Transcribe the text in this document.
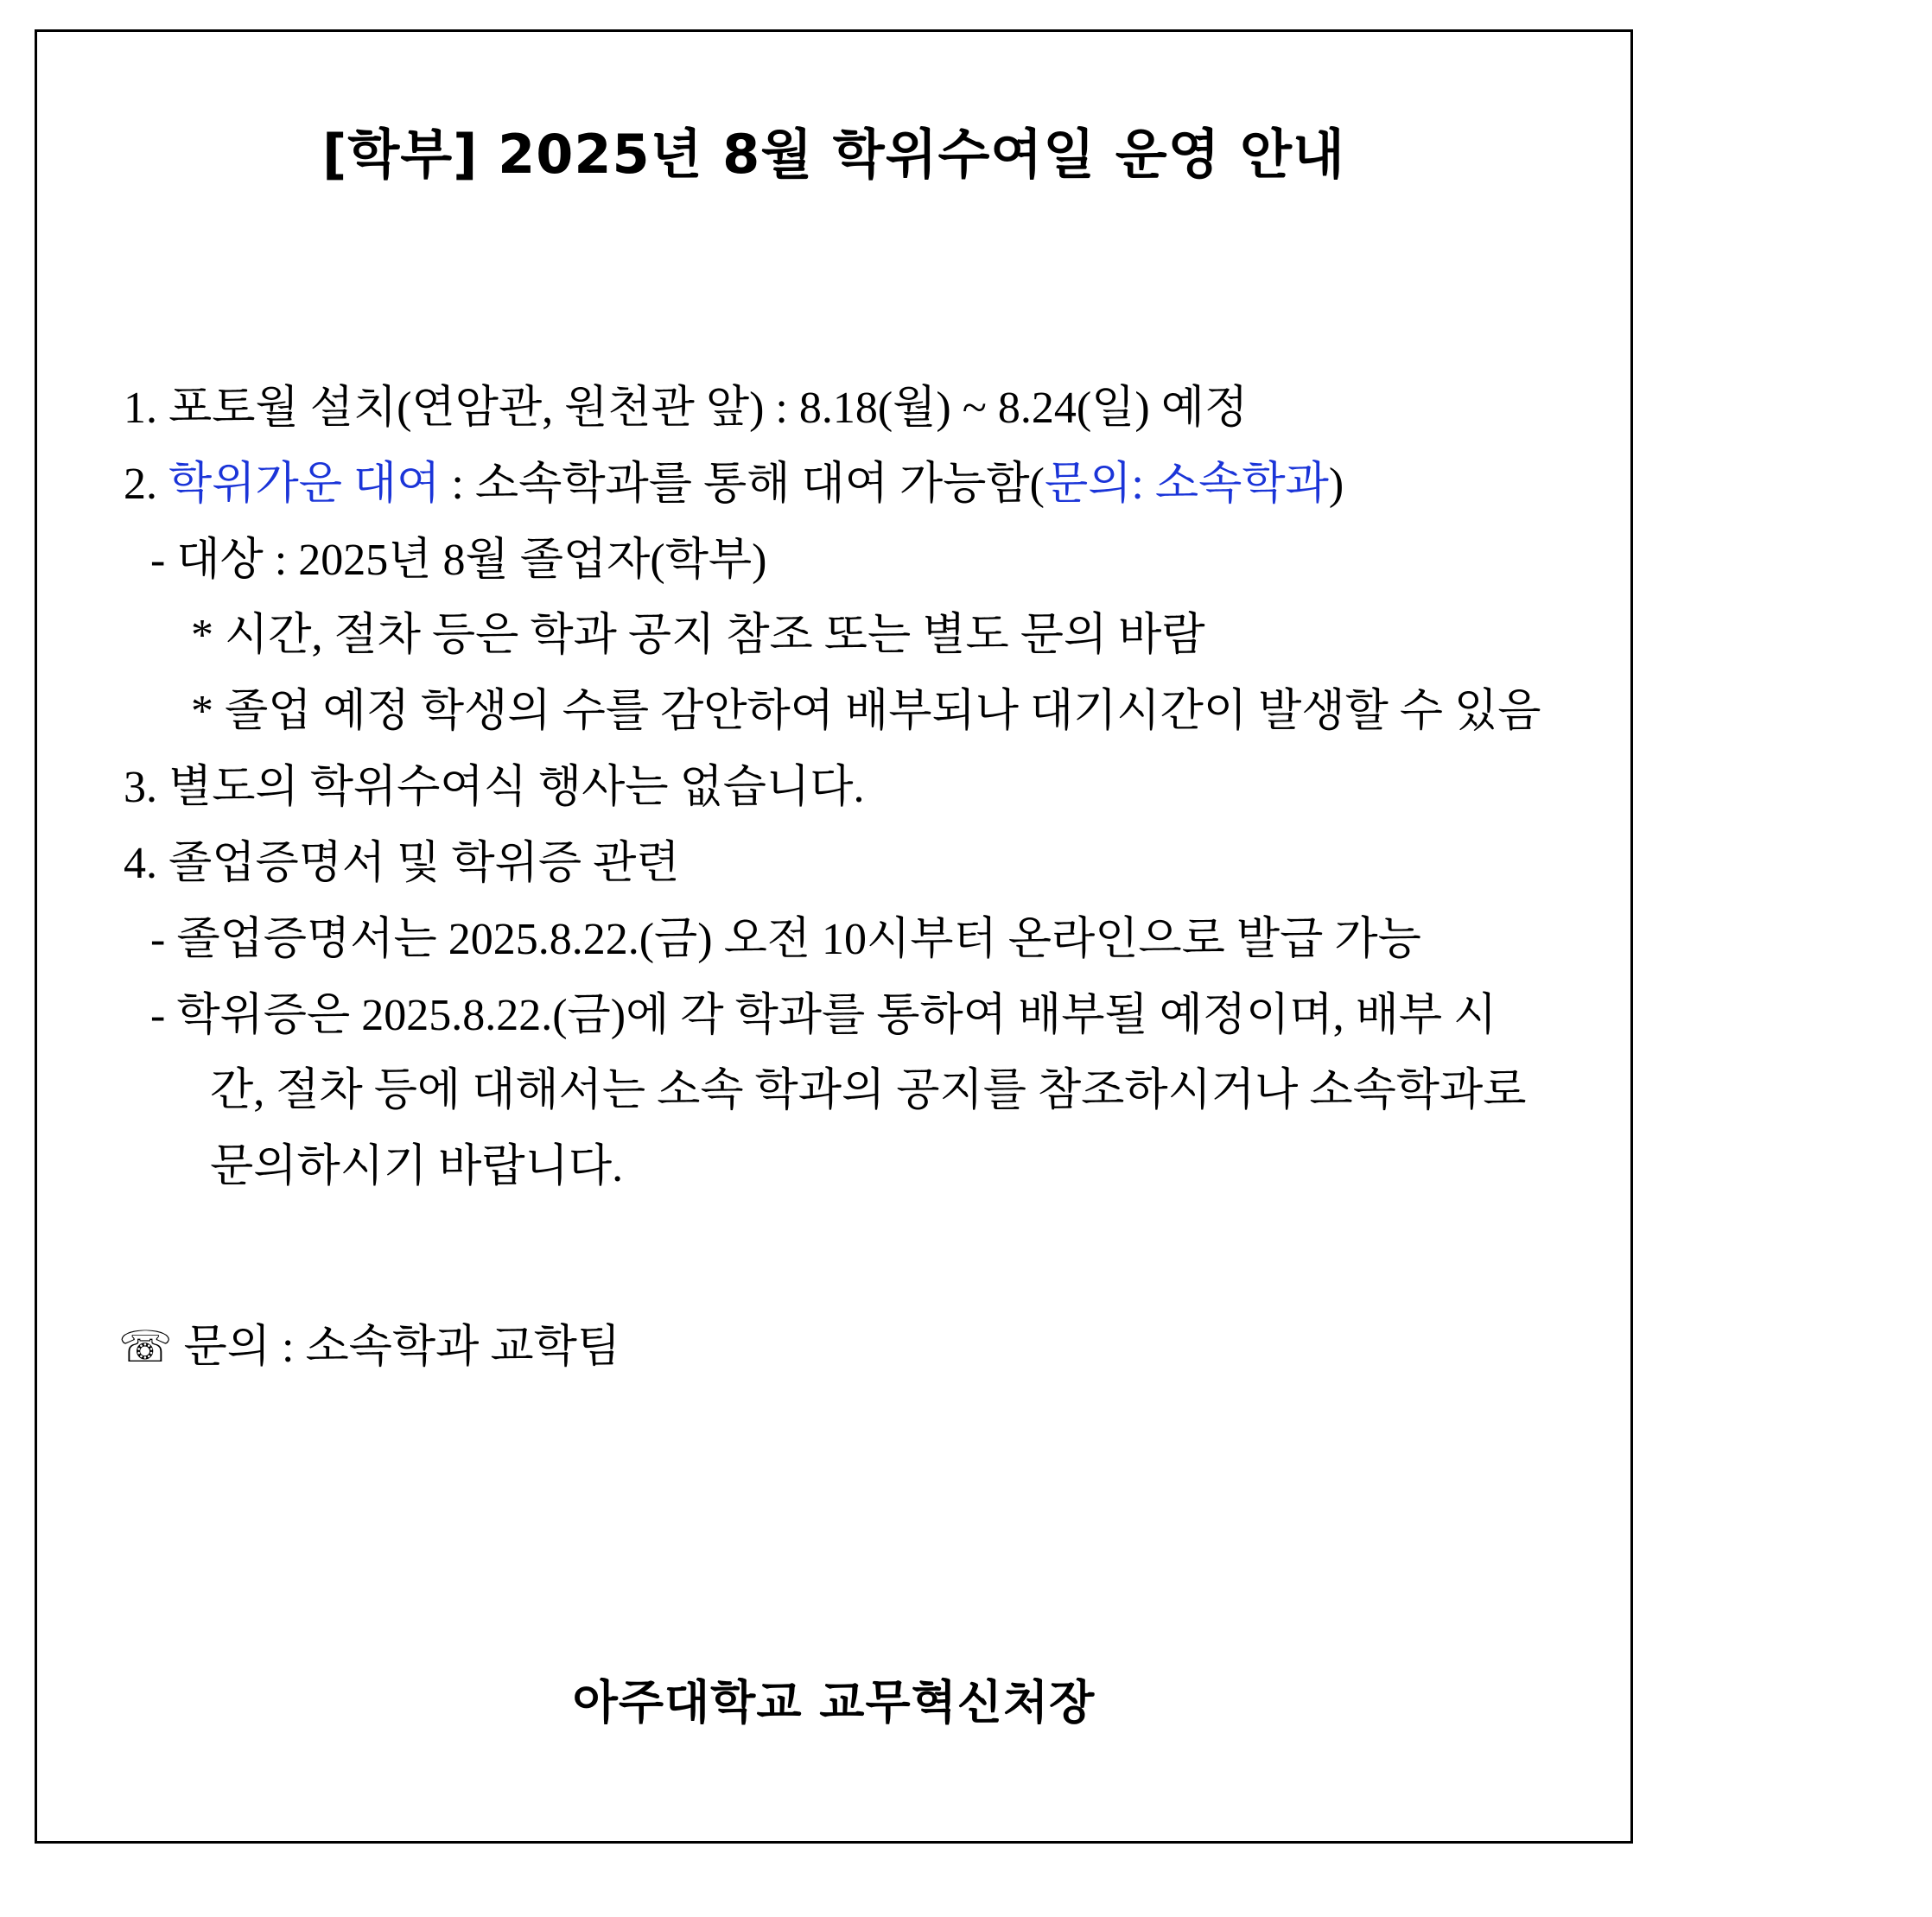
[학부] 2025년 8월 학위수여일 운영 안내

1. 포토월 설치(연암관, 원천관 앞) : 8.18(월) ~ 8.24(일) 예정

2. 학위가운 대여 : 소속학과를 통해 대여 가능함(문의: 소속학과)

- 대상 : 2025년 8월 졸업자(학부)

* 시간, 절차 등은 학과 공지 참조 또는 별도 문의 바람

* 졸업 예정 학생의 수를 감안하여 배부되나 대기시간이 발생할 수 있음

3. 별도의 학위수여식 행사는 없습니다.

4. 졸업증명서 및 학위증 관련

- 졸업증명서는 2025.8.22.(금) 오전 10시부터 온라인으로 발급 가능

- 학위증은 2025.8.22.(금)에 각 학과를 통하여 배부될 예정이며, 배부 시

간, 절차 등에 대해서는 소속 학과의 공지를 참조하시거나 소속학과로

문의하시기 바랍니다.

☏ 문의 : 소속학과 교학팀
아주대학교 교무혁신처장
